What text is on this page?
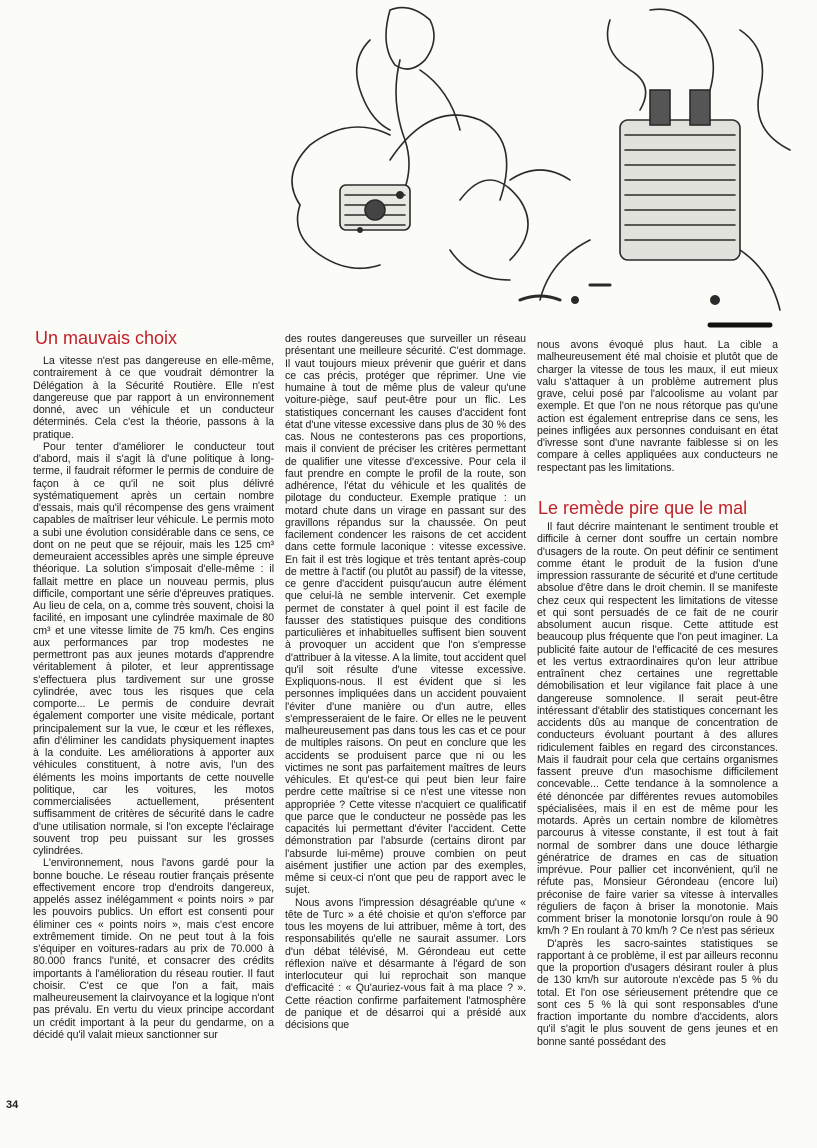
Un mauvais choix

La vitesse n'est pas dangereuse en elle-même, contrairement à ce que voudrait démontrer la Délégation à la Sécurité Routière. Elle n'est dangereuse que par rapport à un environnement donné, avec un véhicule et un conducteur déterminés. Cela c'est la théorie, passons à la pratique.

Pour tenter d'améliorer le conducteur tout d'abord, mais il s'agit là d'une politique à long-terme, il faudrait réformer le permis de conduire de façon à ce qu'il ne soit plus délivré systématiquement après un certain nombre d'essais, mais qu'il récompense des gens vraiment capables de maîtriser leur véhicule. Le permis moto a subi une évolution considérable dans ce sens, ce dont on ne peut que se réjouir, mais les 125 cm³ demeuraient accessibles après une simple épreuve théorique. La solution s'imposait d'elle-même : il fallait mettre en place un nouveau permis, plus difficile, comportant une série d'épreuves pratiques. Au lieu de cela, on a, comme très souvent, choisi la facilité, en imposant une cylindrée maximale de 80 cm³ et une vitesse limite de 75 km/h. Ces engins aux performances par trop modestes ne permettront pas aux jeunes motards d'apprendre véritablement à piloter, et leur apprentissage s'effectuera plus tardivement sur une grosse cylindrée, avec tous les risques que cela comporte... Le permis de conduire devrait également comporter une visite médicale, portant principalement sur la vue, le cœur et les réflexes, afin d'éliminer les candidats physiquement inaptes à la conduite. Les améliorations à apporter aux véhicules constituent, à notre avis, l'un des éléments les moins importants de cette nouvelle politique, car les voitures, les motos commercialisées actuellement, présentent suffisamment de critères de sécurité dans le cadre d'une utilisation normale, si l'on excepte l'éclairage souvent trop peu puissant sur les grosses cylindrées.

L'environnement, nous l'avons gardé pour la bonne bouche. Le réseau routier français présente effectivement encore trop d'endroits dangereux, appelés assez inélégamment « points noirs » par les pouvoirs publics. Un effort est consenti pour éliminer ces « points noirs », mais c'est encore extrêmement timide. On ne peut tout à la fois s'équiper en voitures-radars au prix de 70.000 à 80.000 francs l'unité, et consacrer des crédits importants à l'amélioration du réseau routier. Il faut choisir. C'est ce que l'on a fait, mais malheureusement la clairvoyance et la logique n'ont pas prévalu. En vertu du vieux principe accordant un crédit important à la peur du gendarme, on a décidé qu'il valait mieux sanctionner sur

des routes dangereuses que surveiller un réseau présentant une meilleure sécurité. C'est dommage. Il vaut toujours mieux prévenir que guérir et dans ce cas précis, protéger que réprimer. Une vie humaine à tout de même plus de valeur qu'une voiture-piège, sauf peut-être pour un flic. Les statistiques concernant les causes d'accident font état d'une vitesse excessive dans plus de 30 % des cas. Nous ne contesterons pas ces proportions, mais il convient de préciser les critères permettant de qualifier une vitesse d'excessive. Pour cela il faut prendre en compte le profil de la route, son adhérence, l'état du véhicule et les qualités de pilotage du conducteur. Exemple pratique : un motard chute dans un virage en passant sur des gravillons répandus sur la chaussée. On peut facilement condencer les raisons de cet accident dans cette formule laconique : vitesse excessive. En fait il est très logique et très tentant après-coup de mettre à l'actif (ou plutôt au passif) de la vitesse, ce genre d'accident puisqu'aucun autre élément que celui-là ne semble intervenir. Cet exemple permet de constater à quel point il est facile de fausser des statistiques puisque des conditions particulières et inhabituelles suffisent bien souvent à provoquer un accident que l'on s'empresse d'attribuer à la vitesse. A la limite, tout accident quel qu'il soit résulte d'une vitesse excessive. Expliquons-nous. Il est évident que si les personnes impliquées dans un accident pouvaient l'éviter d'une manière ou d'un autre, elles s'empresseraient de le faire. Or elles ne le peuvent malheureusement pas dans tous les cas et ce pour de multiples raisons. On peut en conclure que les accidents se produisent parce que ni ou les victimes ne sont pas parfaitement maîtres de leurs véhicules. Et qu'est-ce qui peut bien leur faire perdre cette maîtrise si ce n'est une vitesse non appropriée ? Cette vitesse n'acquiert ce qualificatif que parce que le conducteur ne possède pas les capacités lui permettant d'éviter l'accident. Cette démonstration par l'absurde (certains diront par l'absurde lui-même) prouve combien on peut aisément justifier une action par des exemples, même si ceux-ci n'ont que peu de rapport avec le sujet.

Nous avons l'impression désagréable qu'une « tête de Turc » a été choisie et qu'on s'efforce par tous les moyens de lui attribuer, même à tort, des responsabilités qu'elle ne saurait assumer. Lors d'un débat télévisé, M. Gérondeau eut cette réflexion naïve et désarmante à l'égard de son interlocuteur qui lui reprochait son manque d'efficacité : « Qu'auriez-vous fait à ma place ? ». Cette réaction confirme parfaitement l'atmosphère de panique et de désarroi qui a présidé aux décisions que

nous avons évoqué plus haut. La cible a malheureusement été mal choisie et plutôt que de charger la vitesse de tous les maux, il eut mieux valu s'attaquer à un problème autrement plus grave, celui posé par l'alcoolisme au volant par exemple. Et que l'on ne nous rétorque pas qu'une action est également entreprise dans ce sens, les peines infligées aux personnes conduisant en état d'ivresse sont d'une navrante faiblesse si on les compare à celles appliquées aux conducteurs ne respectant pas les limitations.

Le remède pire que le mal

Il faut décrire maintenant le sentiment trouble et difficile à cerner dont souffre un certain nombre d'usagers de la route. On peut définir ce sentiment comme étant le produit de la fusion d'une impression rassurante de sécurité et d'une certitude absolue d'être dans le droit chemin. Il se manifeste chez ceux qui respectent les limitations de vitesse et qui sont persuadés de ce fait de ne courir absolument aucun risque. Cette attitude est beaucoup plus fréquente que l'on peut imaginer. La publicité faite autour de l'efficacité de ces mesures et les vertus extraordinaires qu'on leur attribue entraînent chez certaines une regrettable démobilisation et leur vigilance fait place à une dangereuse somnolence. Il serait peut-être intéressant d'établir des statistiques concernant les accidents dûs au manque de concentration de conducteurs évoluant pourtant à des allures ridiculement faibles en regard des circonstances. Mais il faudrait pour cela que certains organismes fassent preuve d'un masochisme difficilement concevable... Cette tendance à la somnolence a été dénoncée par différentes revues automobiles spécialisées, mais il en est de même pour les motards. Après un certain nombre de kilomètres parcourus à vitesse constante, il est tout à fait normal de sombrer dans une douce léthargie génératrice de drames en cas de situation imprévue. Pour pallier cet inconvénient, qu'il ne réfute pas, Monsieur Gérondeau (encore lui) préconise de faire varier sa vitesse à intervalles réguliers de façon à briser la monotonie. Mais comment briser la monotonie lorsqu'on roule à 90 km/h ? En roulant à 70 km/h ? Ce n'est pas sérieux

D'après les sacro-saintes statistiques se rapportant à ce problème, il est par ailleurs reconnu que la proportion d'usagers désirant rouler à plus de 130 km/h sur autoroute n'excède pas 5 % du total. Et l'on ose sérieusement prétendre que ce sont ces 5 % là qui sont responsables d'une fraction importante du nombre d'accidents, alors qu'il s'agit le plus souvent de gens jeunes et en bonne santé possédant des

34
